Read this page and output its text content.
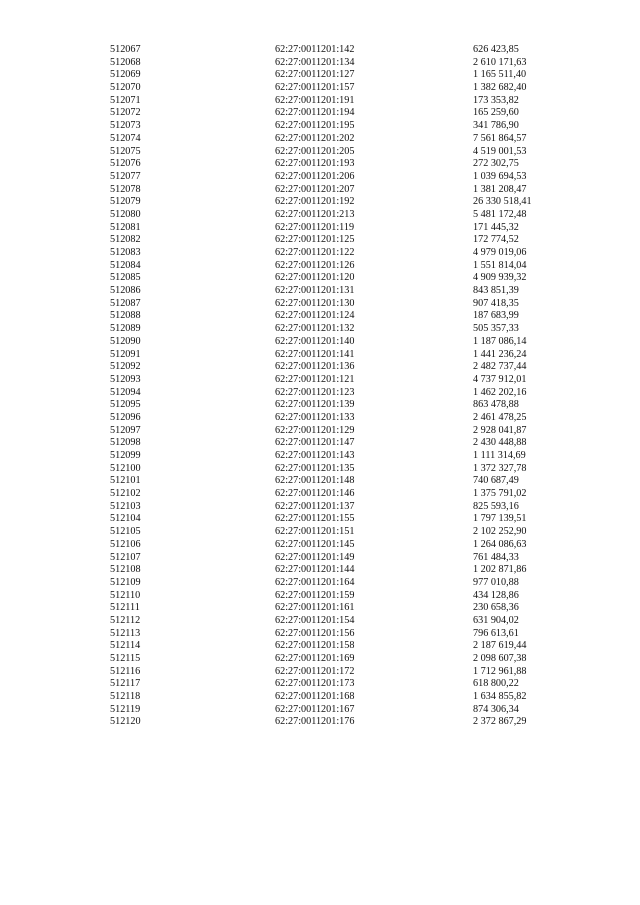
512067	62:27:0011201:142	626 423,85
512068	62:27:0011201:134	2 610 171,63
512069	62:27:0011201:127	1 165 511,40
512070	62:27:0011201:157	1 382 682,40
512071	62:27:0011201:191	173 353,82
512072	62:27:0011201:194	165 259,60
512073	62:27:0011201:195	341 786,90
512074	62:27:0011201:202	7 561 864,57
512075	62:27:0011201:205	4 519 001,53
512076	62:27:0011201:193	272 302,75
512077	62:27:0011201:206	1 039 694,53
512078	62:27:0011201:207	1 381 208,47
512079	62:27:0011201:192	26 330 518,41
512080	62:27:0011201:213	5 481 172,48
512081	62:27:0011201:119	171 445,32
512082	62:27:0011201:125	172 774,52
512083	62:27:0011201:122	4 979 019,06
512084	62:27:0011201:126	1 551 814,04
512085	62:27:0011201:120	4 909 939,32
512086	62:27:0011201:131	843 851,39
512087	62:27:0011201:130	907 418,35
512088	62:27:0011201:124	187 683,99
512089	62:27:0011201:132	505 357,33
512090	62:27:0011201:140	1 187 086,14
512091	62:27:0011201:141	1 441 236,24
512092	62:27:0011201:136	2 482 737,44
512093	62:27:0011201:121	4 737 912,01
512094	62:27:0011201:123	1 462 202,16
512095	62:27:0011201:139	863 478,88
512096	62:27:0011201:133	2 461 478,25
512097	62:27:0011201:129	2 928 041,87
512098	62:27:0011201:147	2 430 448,88
512099	62:27:0011201:143	1 111 314,69
512100	62:27:0011201:135	1 372 327,78
512101	62:27:0011201:148	740 687,49
512102	62:27:0011201:146	1 375 791,02
512103	62:27:0011201:137	825 593,16
512104	62:27:0011201:155	1 797 139,51
512105	62:27:0011201:151	2 102 252,90
512106	62:27:0011201:145	1 264 086,63
512107	62:27:0011201:149	761 484,33
512108	62:27:0011201:144	1 202 871,86
512109	62:27:0011201:164	977 010,88
512110	62:27:0011201:159	434 128,86
512111	62:27:0011201:161	230 658,36
512112	62:27:0011201:154	631 904,02
512113	62:27:0011201:156	796 613,61
512114	62:27:0011201:158	2 187 619,44
512115	62:27:0011201:169	2 098 607,38
512116	62:27:0011201:172	1 712 961,88
512117	62:27:0011201:173	618 800,22
512118	62:27:0011201:168	1 634 855,82
512119	62:27:0011201:167	874 306,34
512120	62:27:0011201:176	2 372 867,29
